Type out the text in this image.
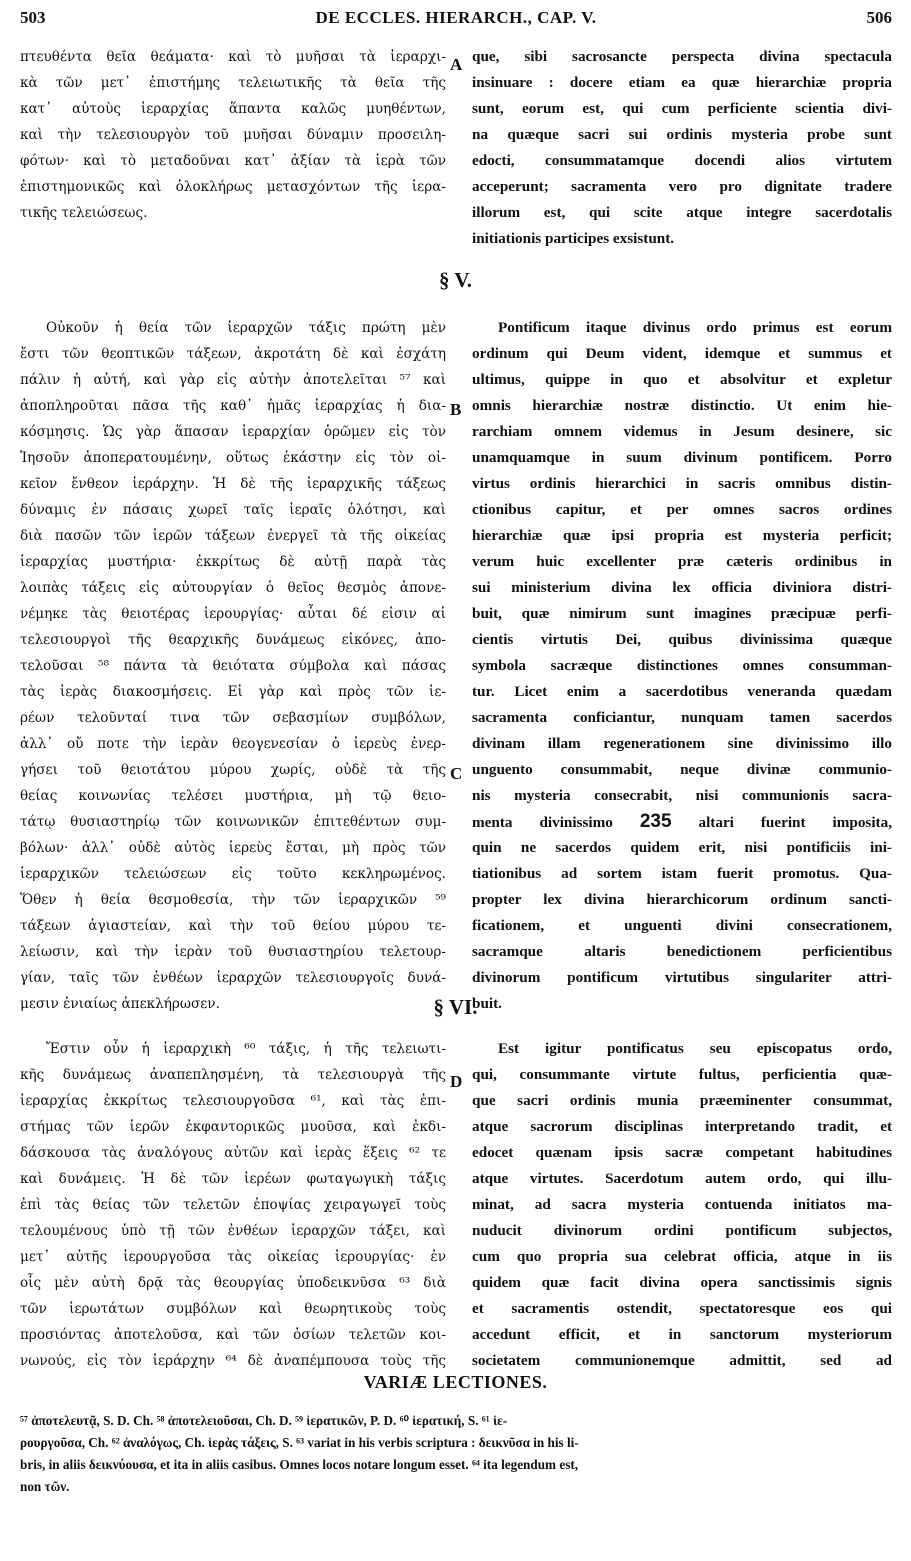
503	DE ECCLES. HIERARCH., CAP. V.	506
πτευθέντα θεῖα θεάματα· καὶ τὸ μυῆσαι τὰ ἱεραρχι-
κὰ τῶν μετ᾽ ἐπιστήμης τελειωτικῆς τὰ θεῖα τῆς
κατ᾽ αὐτοὺς ἱεραρχίας ἅπαντα καλῶς μυηθέντων,
καὶ τὴν τελεσιουργὸν τοῦ μυῆσαι δύναμιν προσειλη-
φότων· καὶ τὸ μεταδοῦναι κατ᾽ ἀξίαν τὰ ἱερὰ τῶν
ἐπιστημονικῶς καὶ ὁλοκλήρως μετασχόντων τῆς ἱερα-
τικῆς τελειώσεως.
A que, sibi sacrosancte perspecta divina spectacula
insinuare : docere etiam ea quæ hierarchiæ propria
sunt, eorum est, qui cum perficiente scientia divi-
na quæque sacri sui ordinis mysteria probe sunt
edocti, consummatamque docendi alios virtutem
acceperunt; sacramenta vero pro dignitate tradere
illorum est, qui scite atque integre sacerdotalis
initiationis participes exsistunt.
§ V.
Οὐκοῦν ἡ θεία τῶν ἱεραρχῶν τάξις πρώτη μὲν
ἔστι τῶν θεοπτικῶν τάξεων, ἀκροτάτη δὲ καὶ ἐσχάτη
πάλιν ἡ αὐτή, καὶ γὰρ εἰς αὐτὴν ἀποτελεῖται ⁵⁷ καὶ
ἀποπληροῦται πᾶσα τῆς καθ᾽ ἡμᾶς ἱεραρχίας ἡ δια-
κόσμησις. Ὡς γὰρ ἅπασαν ἱεραρχίαν ὁρῶμεν εἰς τὸν
Ἰησοῦν ἀποπερατουμένην, οὕτως ἑκάστην εἰς τὸν οἰ-
κεῖον ἔνθεον ἱεράρχην. Ἡ δὲ τῆς ἱεραρχικῆς τάξεως
δύναμις ἐν πάσαις χωρεῖ ταῖς ἱεραῖς ὁλότησι, καὶ
διὰ πασῶν τῶν ἱερῶν τάξεων ἐνεργεῖ τὰ τῆς οἰκείας
ἱεραρχίας μυστήρια· ἐκκρίτως δὲ αὐτῇ παρὰ τὰς
λοιπὰς τάξεις εἰς αὐτουργίαν ὁ θεῖος θεσμὸς ἀπονε-
νέμηκε τὰς θειοτέρας ἱερουργίας· αὗται δέ εἰσιν αἱ
τελεσιουργοὶ τῆς θεαρχικῆς δυνάμεως εἰκόνες, ἀπο-
τελοῦσαι ⁵⁸ πάντα τὰ θειότατα σύμβολα καὶ πάσας
τὰς ἱερὰς διακοσμήσεις. Εἰ γὰρ καὶ πρὸς τῶν ἱε-
ρέων τελοῦνταί τινα τῶν σεβασμίων συμβόλων,
ἀλλ᾽ οὔ ποτε τὴν ἱερὰν θεογενεσίαν ὁ ἱερεὺς ἐνερ-
γήσει τοῦ θειοτάτου μύρου χωρίς, οὐδὲ τὰ τῆς
θείας κοινωνίας τελέσει μυστήρια, μὴ τῷ θειο-
τάτῳ θυσιαστηρίῳ τῶν κοινωνικῶν ἐπιτεθέντων συμ-
βόλων· ἀλλ᾽ οὐδὲ αὐτὸς ἱερεὺς ἔσται, μὴ πρὸς τῶν
ἱεραρχικῶν τελειώσεων εἰς τοῦτο κεκληρωμένος.
Ὅθεν ἡ θεία θεσμοθεσία, τὴν τῶν ἱεραρχικῶν ⁵⁹
τάξεων ἁγιαστείαν, καὶ τὴν τοῦ θείου μύρου τε-
λείωσιν, καὶ τὴν ἱερὰν τοῦ θυσιαστηρίου τελετουρ-
γίαν, ταῖς τῶν ἐνθέων ἱεραρχῶν τελεσιουργοῖς δυνά-
μεσιν ἐνιαίως ἀπεκλήρωσεν.
B
C
Pontificum itaque divinus ordo primus est eorum
ordinum qui Deum vident, idemque et summus et
ultimus, quippe in quo et absolvitur et expletur
omnis hierarchiæ nostræ distinctio. Ut enim hie-
rarchiam omnem videmus in Jesum desinere, sic
unamquamque in suum divinum pontificem. Porro
virtus ordinis hierarchici in sacris omnibus distin-
ctionibus capitur, et per omnes sacros ordines
hierarchiæ quæ ipsi propria est mysteria perficit;
verum huic excellenter præ cæteris ordinibus in
sui ministerium divina lex officia diviniora distri-
buit, quæ nimirum sunt imagines præcipuæ perfi-
cientis virtutis Dei, quibus divinissima quæque
symbola sacræque distinctiones omnes consumman-
tur. Licet enim a sacerdotibus veneranda quædam
sacramenta conficiantur, nunquam tamen sacerdos
divinam illam regenerationem sine divinissimo illo
unguento consummabit, neque divinæ communio-
nis mysteria consecrabit, nisi communionis sacra-
menta divinissimo 235 altari fuerint imposita,
quin ne sacerdos quidem erit, nisi pontificiis ini-
tiationibus ad sortem istam fuerit promotus. Qua-
propter lex divina hierarchicorum ordinum sancti-
ficationem, et unguenti divini consecrationem,
sacramque altaris benedictionem perficientibus
divinorum pontificum virtutibus singulariter attri-
buit.
§ VI.
Ἔστιν οὖν ἡ ἱεραρχικὴ ⁶⁰ τάξις, ἡ τῆς τελειωτι-
κῆς δυνάμεως ἀναπεπλησμένη, τὰ τελεσιουργὰ τῆς
ἱεραρχίας ἐκκρίτως τελεσιουργοῦσα ⁶¹, καὶ τὰς ἐπι-
στήμας τῶν ἱερῶν ἐκφαντορικῶς μυοῦσα, καὶ ἐκδι-
δάσκουσα τὰς ἀναλόγους αὐτῶν καὶ ἱερὰς ἕξεις ⁶² τε
καὶ δυνάμεις. Ἡ δὲ τῶν ἱερέων φωταγωγικὴ τάξις
ἐπὶ τὰς θείας τῶν τελετῶν ἐποψίας χειραγωγεῖ τοὺς
τελουμένους ὑπὸ τῇ τῶν ἐνθέων ἱεραρχῶν τάξει, καὶ
μετ᾽ αὐτῆς ἱερουργοῦσα τὰς οἰκείας ἱερουργίας· ἐν
οἷς μὲν αὐτὴ δρᾷ τὰς θεουργίας ὑποδεικνῦσα ⁶³ διὰ
τῶν ἱερωτάτων συμβόλων καὶ θεωρητικοὺς τοὺς
προσιόντας ἀποτελοῦσα, καὶ τῶν ὁσίων τελετῶν κοι-
νωνούς, εἰς τὸν ἱεράρχην ⁶⁴ δὲ ἀναπέμπουσα τοὺς τῆς
D
Est igitur pontificatus seu episcopatus ordo,
qui, consummante virtute fultus, perficientia quæ-
que sacri ordinis munia præeminenter consummat,
atque sacrorum disciplinas interpretando tradit, et
edocet quænam ipsis sacræ competant habitudines
atque virtutes. Sacerdotum autem ordo, qui illu-
minat, ad sacra mysteria contuenda initiatos ma-
nuducit divinorum ordini pontificum subjectos,
cum quo propria sua celebrat officia, atque in iis
quidem quæ facit divina opera sanctissimis signis
et sacramentis ostendit, spectatoresque eos qui
accedunt efficit, et in sanctorum mysteriorum
societatem communionemque admittit, sed ad
VARIÆ LECTIONES.
⁵⁷ ἀποτελευτᾷ, S. D. Ch. ⁵⁸ ἀποτελειοῦσαι, Ch. D. ⁵⁹ ἱερατικῶν, P. D. ⁶⁰ ἱερατική, S. ⁶¹ ἱε-
ρουργοῦσα, Ch. ⁶² ἀναλόγως, Ch. ἱερὰς τάξεις, S. ⁶³ variat in his verbis scriptura : δεικνῦσα in his li-
bris, in aliis δεικνύουσα, et ita in aliis casibus. Omnes locos notare longum esset. ⁶⁴ ita legendum est,
non τῶν.
